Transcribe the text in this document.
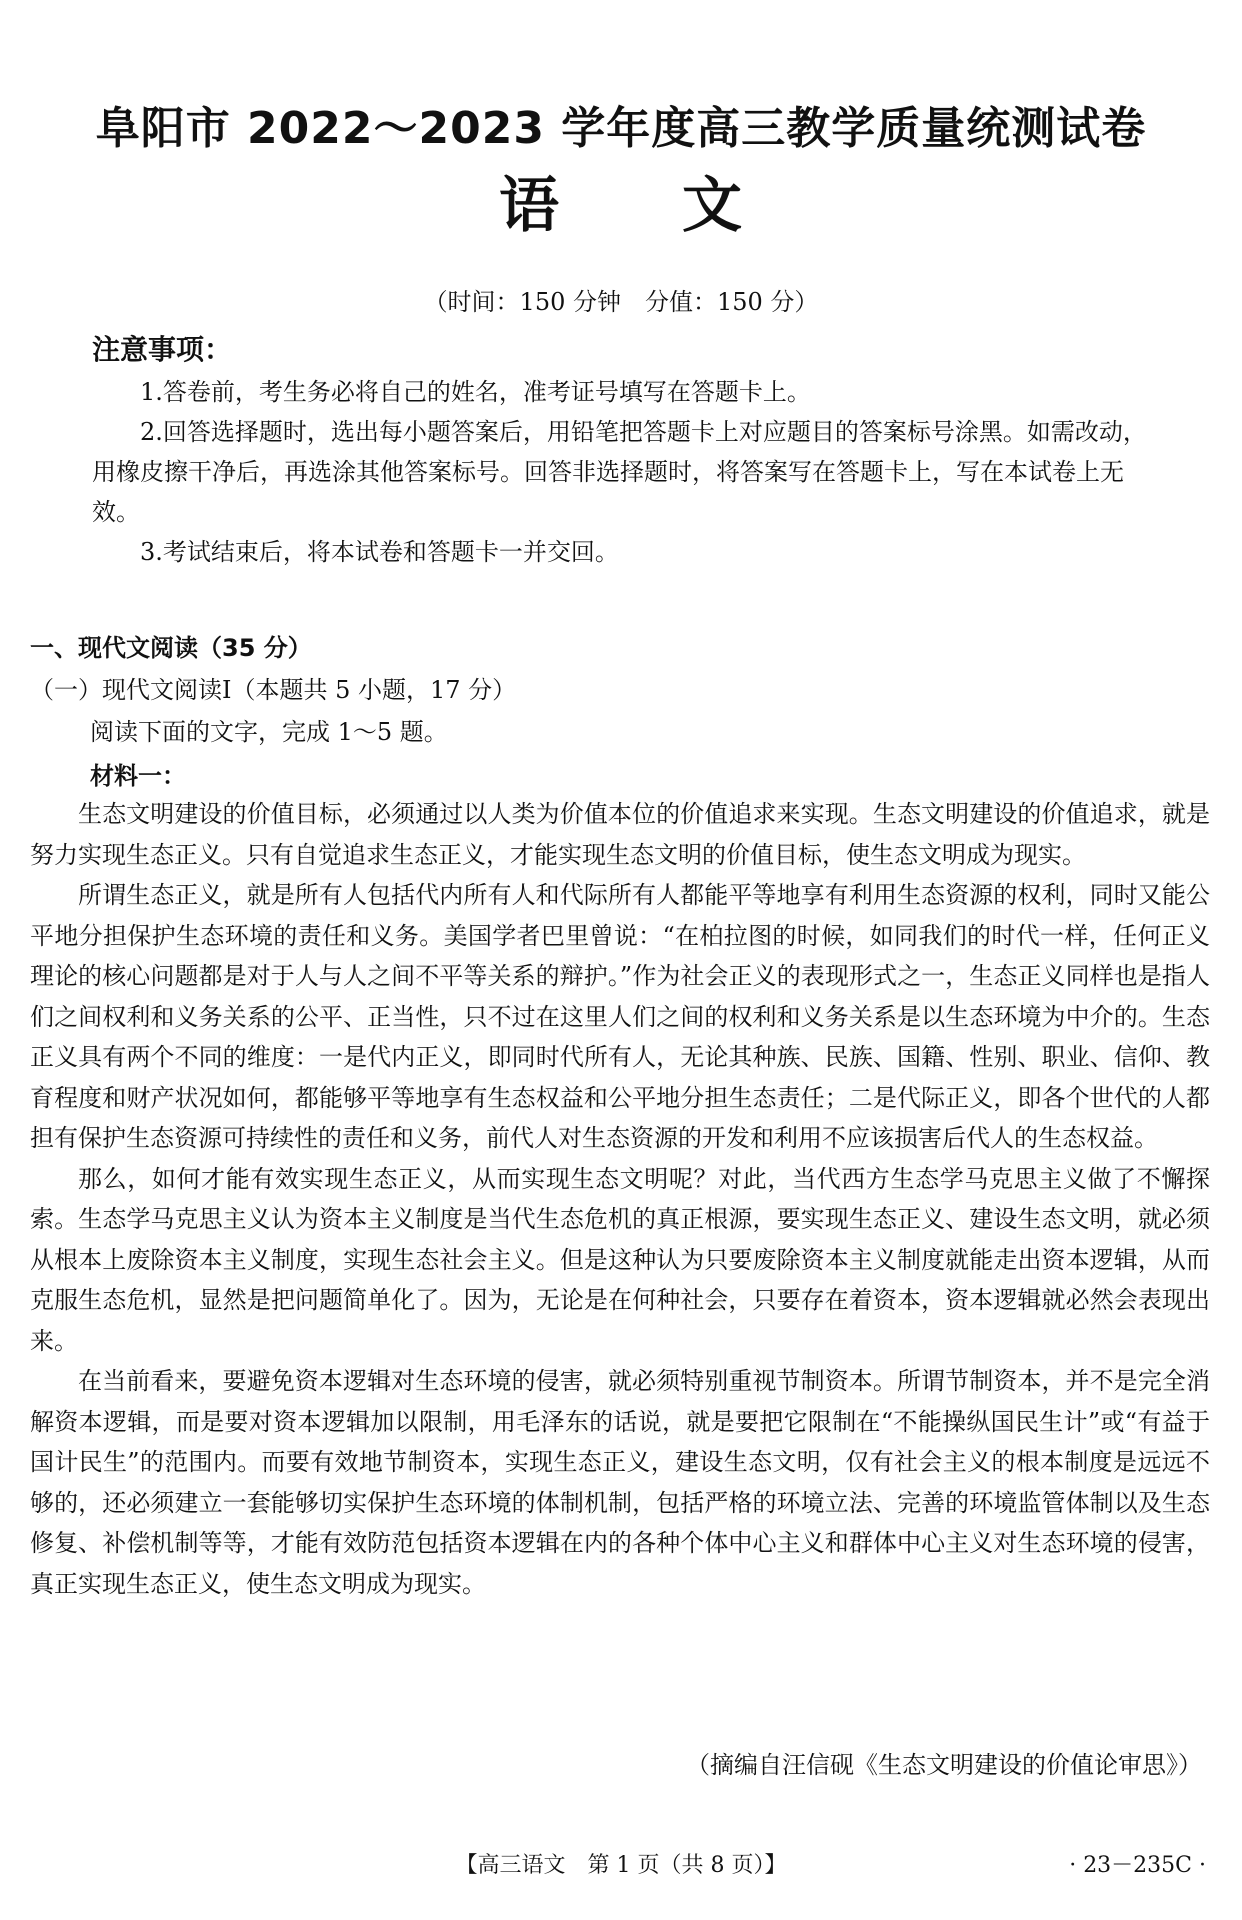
阜阳市 2022～2023 学年度高三教学质量统测试卷
语　　文
（时间：150 分钟　分值：150 分）
注意事项：

1.答卷前，考生务必将自己的姓名，准考证号填写在答题卡上。

2.回答选择题时，选出每小题答案后，用铅笔把答题卡上对应题目的答案标号涂黑。如需改动，用橡皮擦干净后，再选涂其他答案标号。回答非选择题时，将答案写在答题卡上，写在本试卷上无效。

3.考试结束后，将本试卷和答题卡一并交回。

一、现代文阅读（35 分）
（一）现代文阅读Ⅰ（本题共 5 小题，17 分）
阅读下面的文字，完成 1～5 题。
材料一：

生态文明建设的价值目标，必须通过以人类为价值本位的价值追求来实现。生态文明建设的价值追求，就是努力实现生态正义。只有自觉追求生态正义，才能实现生态文明的价值目标，使生态文明成为现实。

所谓生态正义，就是所有人包括代内所有人和代际所有人都能平等地享有利用生态资源的权利，同时又能公平地分担保护生态环境的责任和义务。美国学者巴里曾说：“在柏拉图的时候，如同我们的时代一样，任何正义理论的核心问题都是对于人与人之间不平等关系的辩护。”作为社会正义的表现形式之一，生态正义同样也是指人们之间权利和义务关系的公平、正当性，只不过在这里人们之间的权利和义务关系是以生态环境为中介的。生态正义具有两个不同的维度：一是代内正义，即同时代所有人，无论其种族、民族、国籍、性别、职业、信仰、教育程度和财产状况如何，都能够平等地享有生态权益和公平地分担生态责任；二是代际正义，即各个世代的人都担有保护生态资源可持续性的责任和义务，前代人对生态资源的开发和利用不应该损害后代人的生态权益。

那么，如何才能有效实现生态正义，从而实现生态文明呢？对此，当代西方生态学马克思主义做了不懈探索。生态学马克思主义认为资本主义制度是当代生态危机的真正根源，要实现生态正义、建设生态文明，就必须从根本上废除资本主义制度，实现生态社会主义。但是这种认为只要废除资本主义制度就能走出资本逻辑，从而克服生态危机，显然是把问题简单化了。因为，无论是在何种社会，只要存在着资本，资本逻辑就必然会表现出来。

在当前看来，要避免资本逻辑对生态环境的侵害，就必须特别重视节制资本。所谓节制资本，并不是完全消解资本逻辑，而是要对资本逻辑加以限制，用毛泽东的话说，就是要把它限制在“不能操纵国民生计”或“有益于国计民生”的范围内。而要有效地节制资本，实现生态正义，建设生态文明，仅有社会主义的根本制度是远远不够的，还必须建立一套能够切实保护生态环境的体制机制，包括严格的环境立法、完善的环境监管体制以及生态修复、补偿机制等等，才能有效防范包括资本逻辑在内的各种个体中心主义和群体中心主义对生态环境的侵害，真正实现生态正义，使生态文明成为现实。

（摘编自汪信砚《生态文明建设的价值论审思》）
【高三语文　第 1 页（共 8 页）】	· 23－235C ·
